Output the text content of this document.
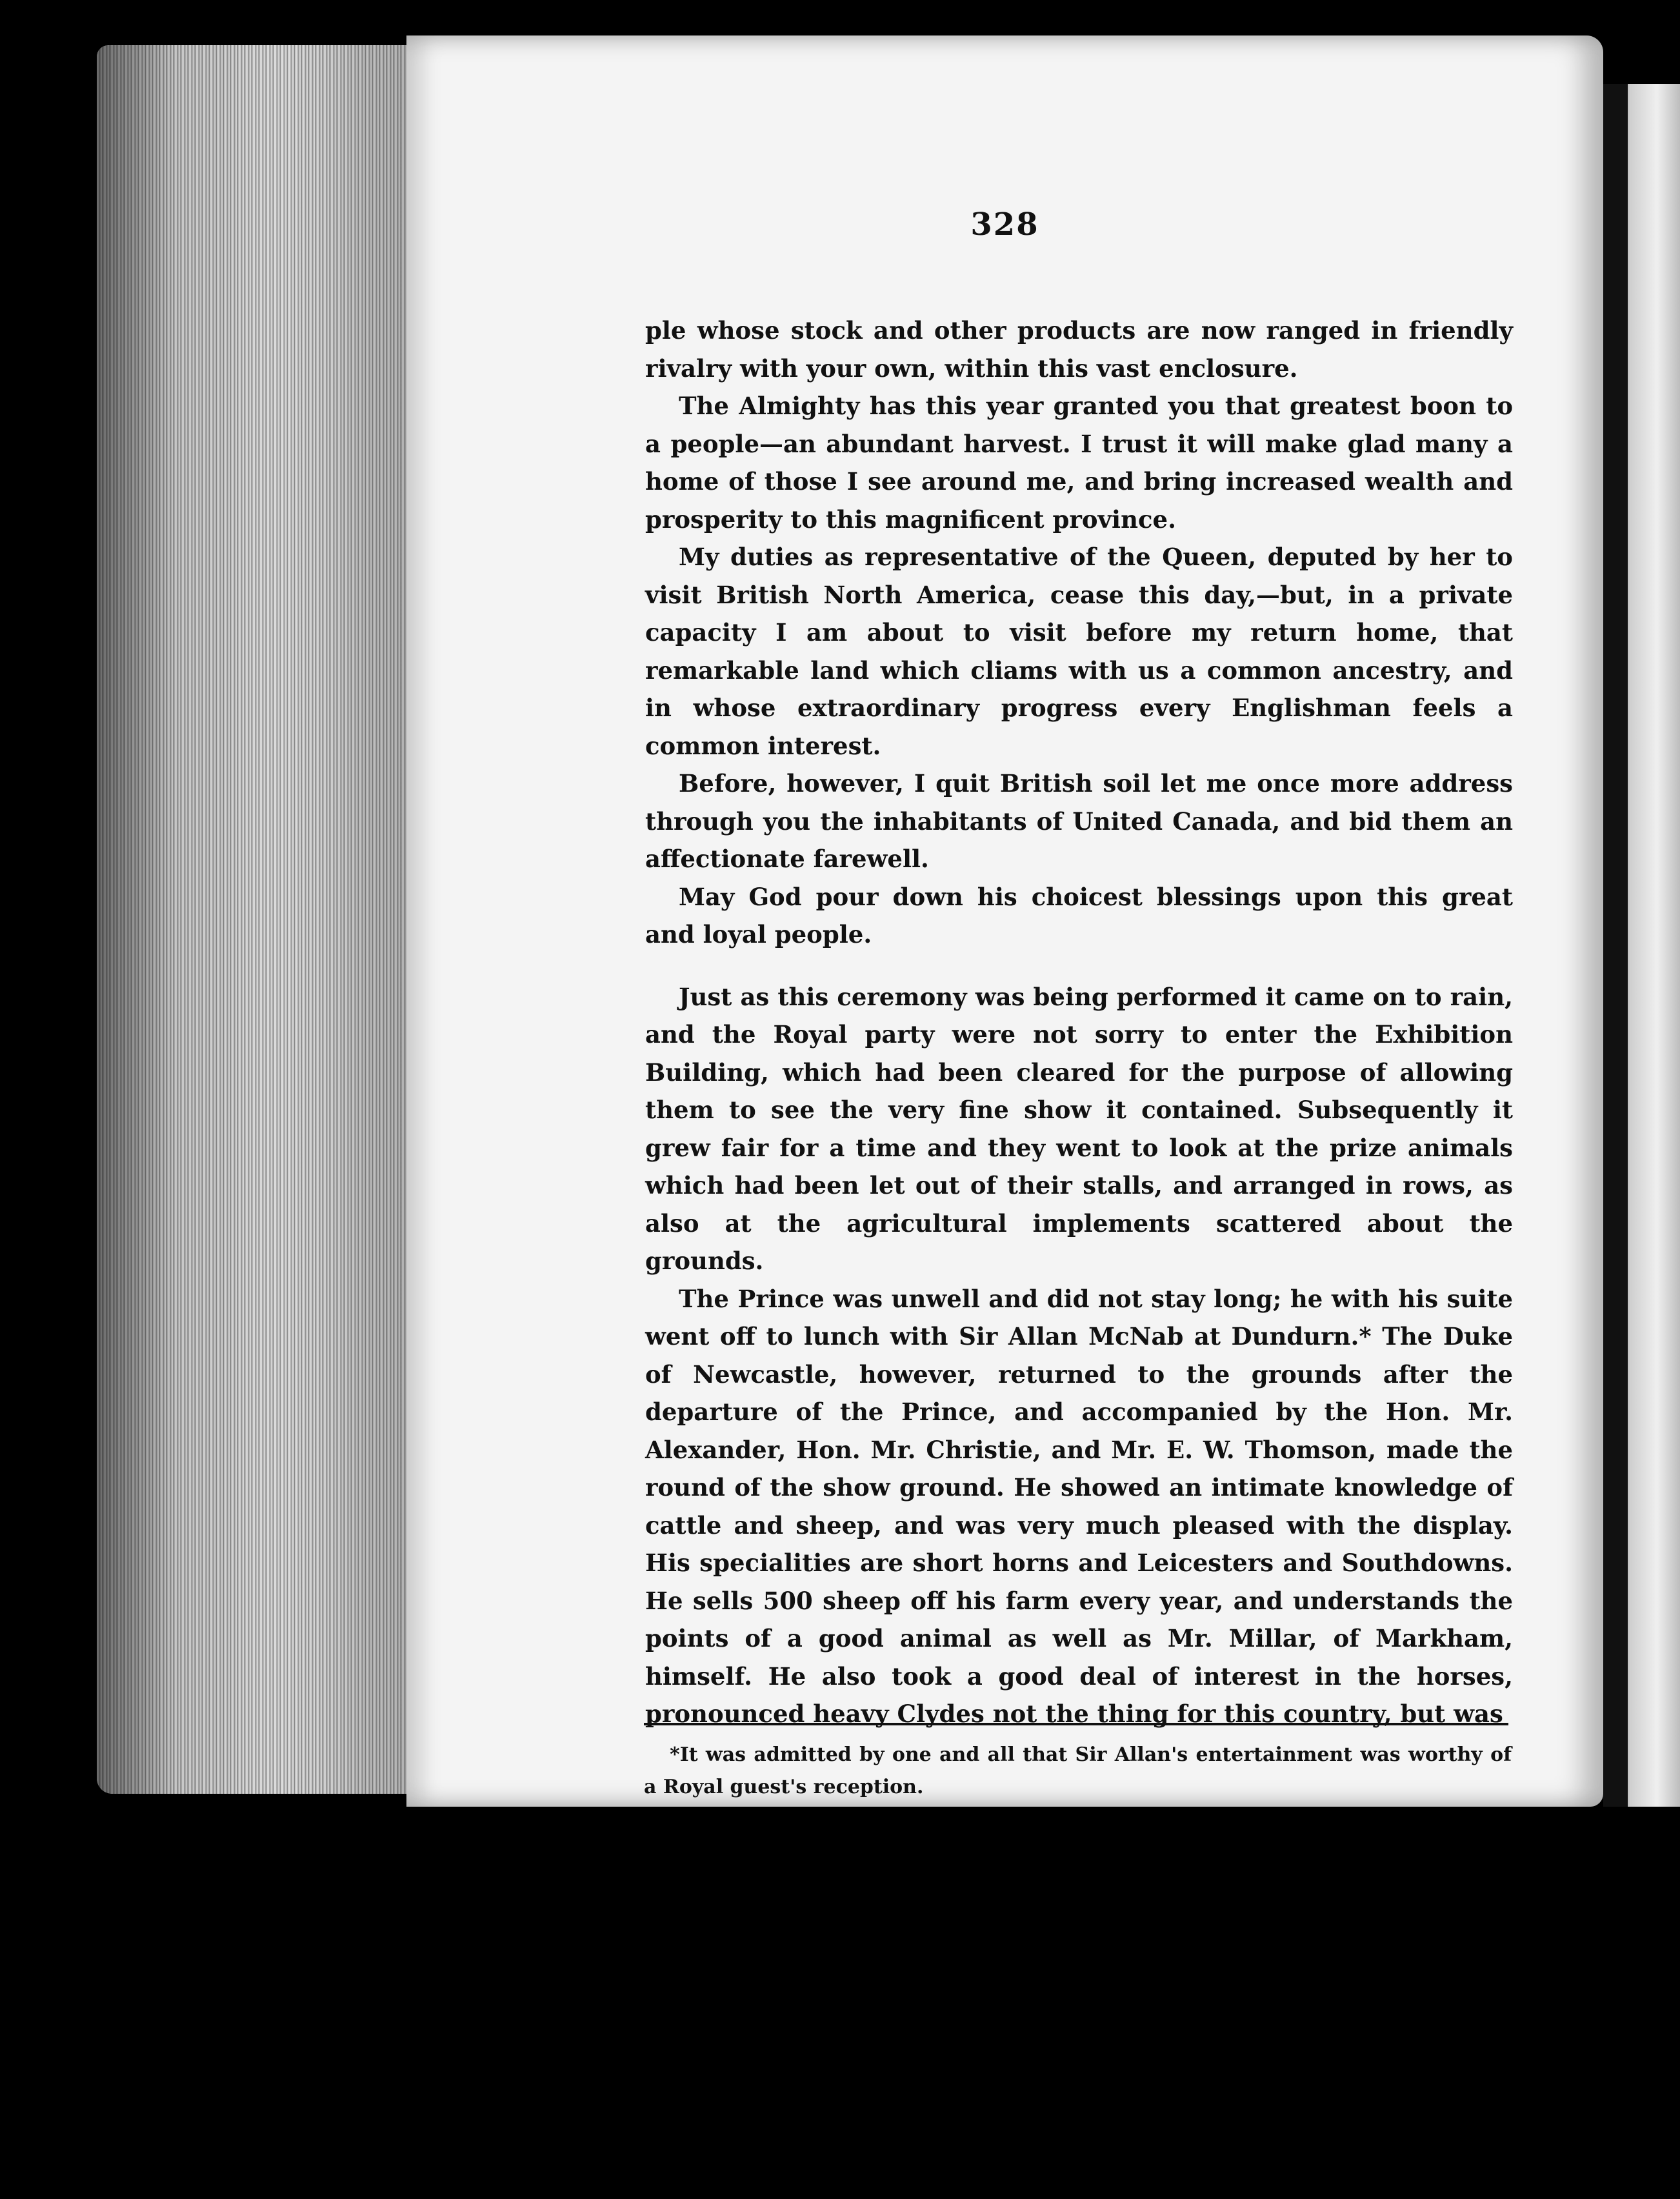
328

ple whose stock and other products are now ranged in friendly rivalry with your own, within this vast enclosure.

The Almighty has this year granted you that greatest boon to a people—an abundant harvest. I trust it will make glad many a home of those I see around me, and bring increased wealth and prosperity to this magnificent province.

My duties as representative of the Queen, deputed by her to visit British North America, cease this day,—but, in a private capacity I am about to visit before my return home, that remarkable land which cliams with us a common ancestry, and in whose extraordinary progress every Englishman feels a common interest.

Before, however, I quit British soil let me once more address through you the inhabitants of United Canada, and bid them an affectionate farewell.

May God pour down his choicest blessings upon this great and loyal people.

Just as this ceremony was being performed it came on to rain, and the Royal party were not sorry to enter the Exhibition Building, which had been cleared for the purpose of allowing them to see the very fine show it contained. Subsequently it grew fair for a time and they went to look at the prize animals which had been let out of their stalls, and arranged in rows, as also at the agricultural implements scattered about the grounds.

The Prince was unwell and did not stay long; he with his suite went off to lunch with Sir Allan McNab at Dundurn.* The Duke of Newcastle, however, returned to the grounds after the departure of the Prince, and accompanied by the Hon. Mr. Alexander, Hon. Mr. Christie, and Mr. E. W. Thomson, made the round of the show ground. He showed an intimate knowledge of cattle and sheep, and was very much pleased with the display. His specialities are short horns and Leicesters and Southdowns. He sells 500 sheep off his farm every year, and understands the points of a good animal as well as Mr. Millar, of Markham, himself. He also took a good deal of interest in the horses, pronounced heavy Clydes not the thing for this country, but was

*It was admitted by one and all that Sir Allan's entertainment was worthy of a Royal guest's reception.
